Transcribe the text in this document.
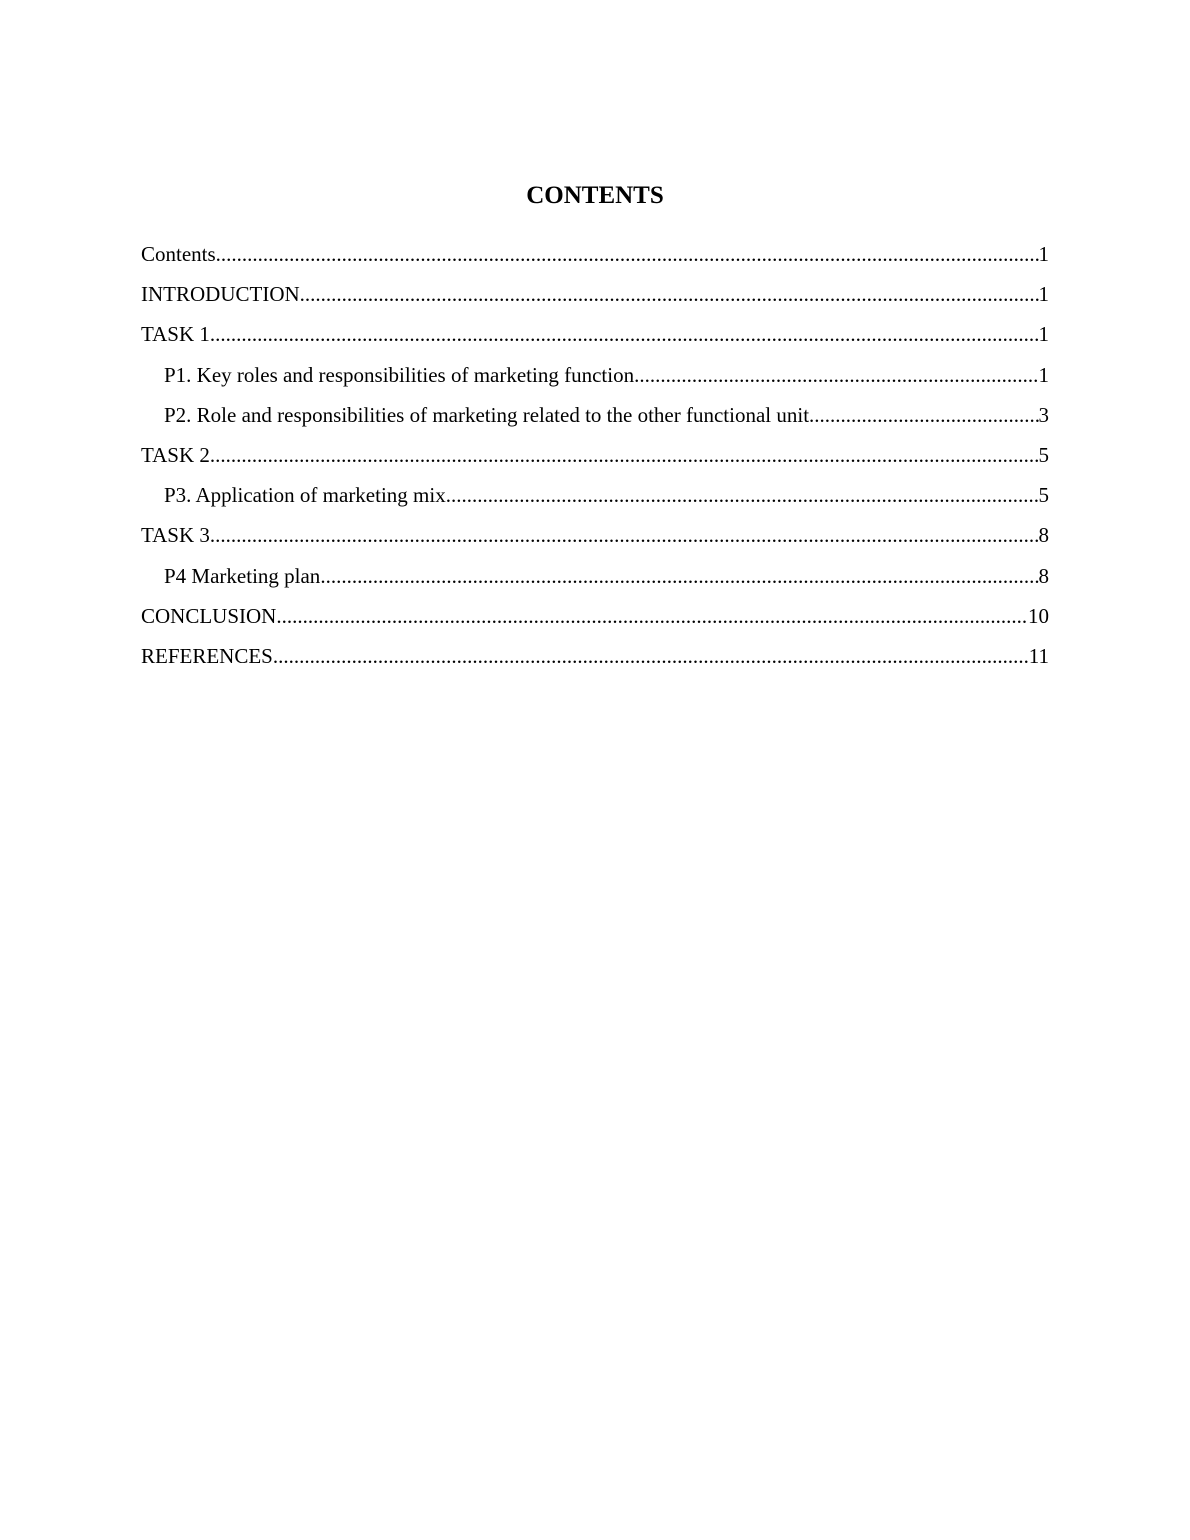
CONTENTS
Contents .....	1
INTRODUCTION .....	1
TASK 1 .....	1
P1. Key roles and responsibilities of marketing function .....	1
P2. Role and responsibilities of marketing related to the other functional unit .....	3
TASK 2 .....	5
P3. Application of marketing mix .....	5
TASK 3 .....	8
P4 Marketing plan .....	8
CONCLUSION .....	10
REFERENCES .....	11
